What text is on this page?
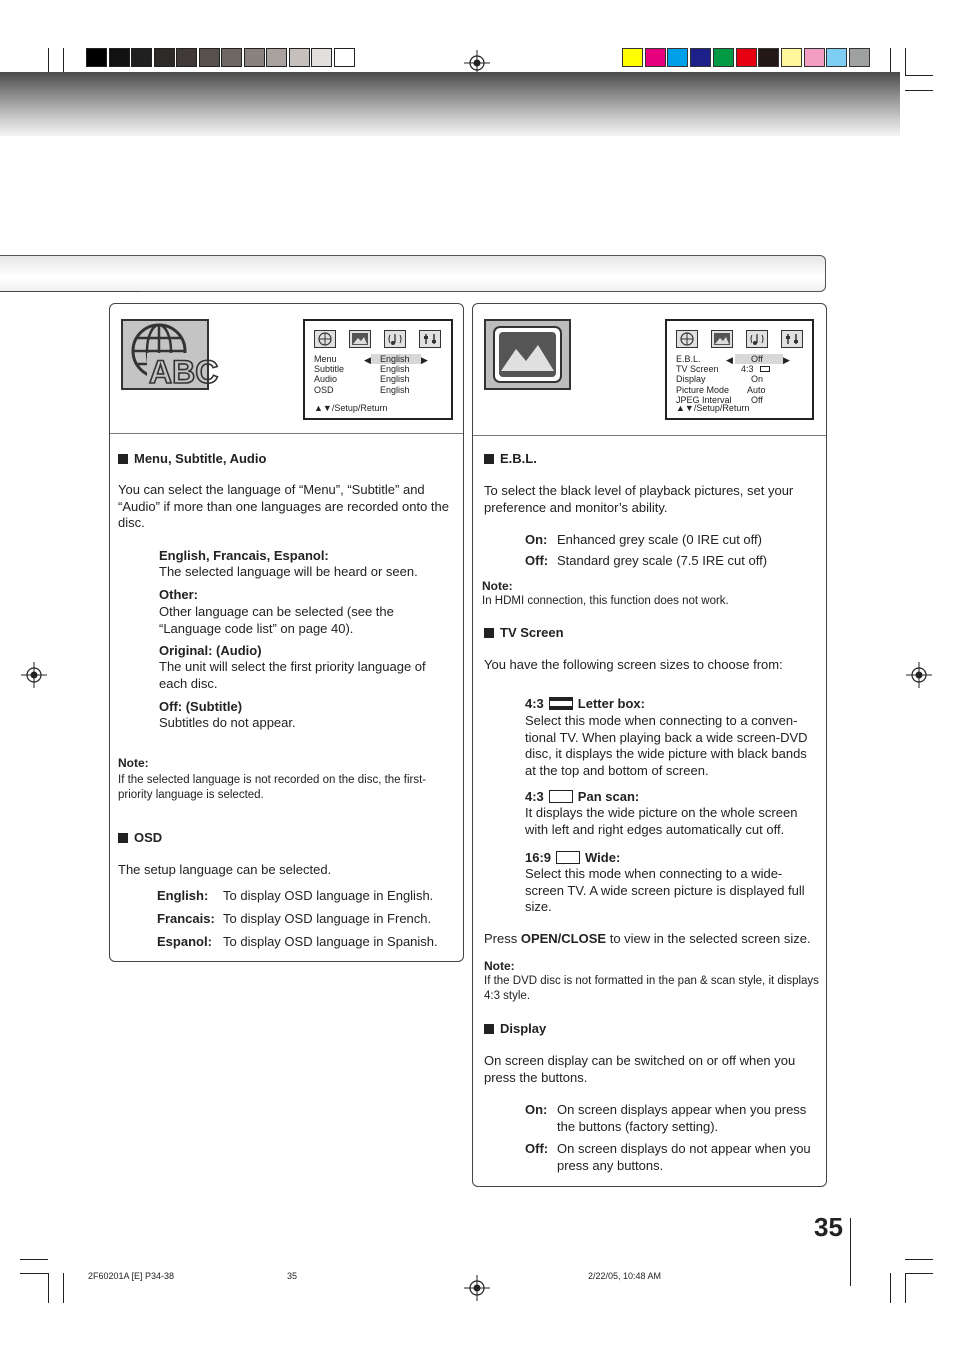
ABC	◀	▶
Menu	English
Subtitle	English
Audio	English
OSD	English
▲▼/Setup/Return
Menu, Subtitle, Audio
You can select the language of “Menu”, “Subtitle” and “Audio” if more than one languages are recorded onto the disc.
English, Francais, Espanol:
The selected language will be heard or seen.
Other:
Other language can be selected (see the “Language code list” on page 40).
Original: (Audio)
The unit will select the first priority language of each disc.
Off: (Subtitle)
Subtitles do not appear.
Note:
If the selected language is not recorded on the disc, the first-priority language is selected.
OSD
The setup language can be selected.
English: To display OSD language in English.
Francais: To display OSD language in French.
Espanol: To display OSD language in Spanish.
◀	▶
E.B.L.	Off
TV Screen 4:3
Display	On
Picture Mode Auto
JPEG Interval Off
▲▼/Setup/Return
E.B.L.
To select the black level of playback pictures, set your preference and monitor’s ability.
On: Enhanced grey scale (0 IRE cut off)
Off: Standard grey scale (7.5 IRE cut off)
Note:
In HDMI connection, this function does not work.
TV Screen
You have the following screen sizes to choose from:
4:3	Letter box:
Select this mode when connecting to a conven-tional TV. When playing back a wide screen-DVD disc, it displays the wide picture with black bands at the top and bottom of screen.
4:3	Pan scan:
It displays the wide picture on the whole screen with left and right edges automatically cut off.
16:9	Wide:
Select this mode when connecting to a wide-screen TV. A wide screen picture is displayed full size.
Press OPEN/CLOSE to view in the selected screen size.
Note:
If the DVD disc is not formatted in the pan & scan style, it displays 4:3 style.
Display
On screen display can be switched on or off when you press the buttons.
On: On screen displays appear when you press the buttons (factory setting).
Off: On screen displays do not appear when you press any buttons.
35
2F60201A [E] P34-38	35	2/22/05, 10:48 AM
